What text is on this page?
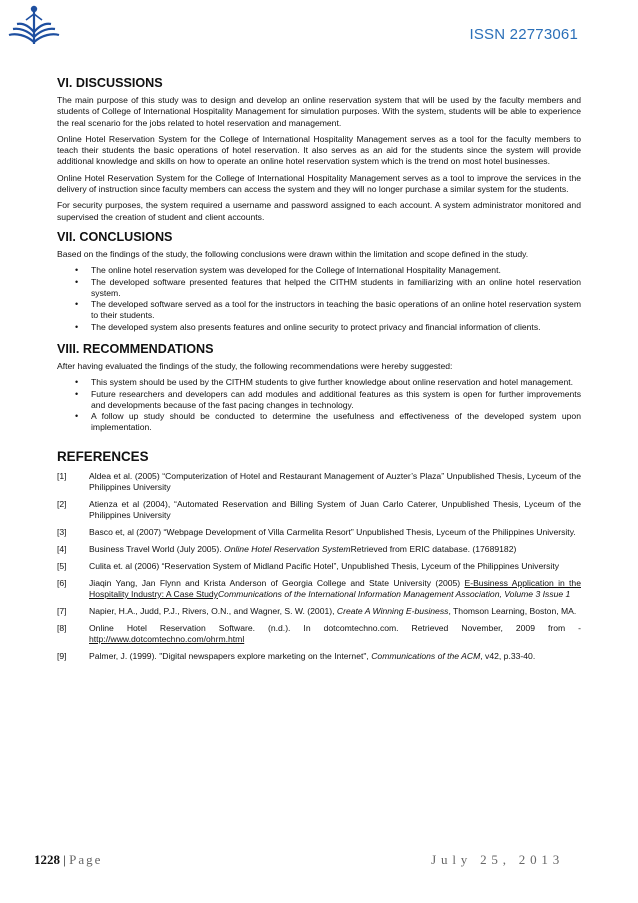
ISSN 22773061
VI. DISCUSSIONS

The main purpose of this study was to design and develop an online reservation system that will be used by the faculty members and students of College of International Hospitality Management for simulation purposes. With the system, students will be able to experience the real scenario for the jobs related to hotel reservation and management.

Online Hotel Reservation System for the College of International Hospitality Management serves as a tool for the faculty members to teach their students the basic operations of hotel reservation. It also serves as an aid for the students since the system will provide additional knowledge and skills on how to operate an online hotel reservation system which is the trend on most hotel businesses.

Online Hotel Reservation System for the College of International Hospitality Management serves as a tool to improve the services in the delivery of instruction since faculty members can access the system and they will no longer purchase a similar system for the students.

For security purposes, the system required a username and password assigned to each account. A system administrator monitored and supervised the creation of student and client accounts.

VII. CONCLUSIONS

Based on the findings of the study, the following conclusions were drawn within the limitation and scope defined in the study.

• The online hotel reservation system was developed for the College of International Hospitality Management.
• The developed software presented features that helped the CITHM students in familiarizing with an online hotel reservation system.
• The developed software served as a tool for the instructors in teaching the basic operations of an online hotel reservation system to their students.
• The developed system also presents features and online security to protect privacy and financial information of clients.
VIII. RECOMMENDATIONS

After having evaluated the findings of the study, the following recommendations were hereby suggested:

• This system should be used by the CITHM students to give further knowledge about online reservation and hotel management.
• Future researchers and developers can add modules and additional features as this system is open for further improvements and developments because of the fast pacing changes in technology.
• A follow up study should be conducted to determine the usefulness and effectiveness of the developed system upon implementation.
REFERENCES
[1]	Aldea et al. (2005) “Computerization of Hotel and Restaurant Management of Auzter’s Plaza” Unpublished Thesis, Lyceum of the Philippines University
[2]	Atienza et al (2004), “Automated Reservation and Billing System of Juan Carlo Caterer, Unpublished Thesis, Lyceum of the Philippines University
[3]	Basco et, al (2007) “Webpage Development of Villa Carmelita Resort” Unpublished Thesis, Lyceum of the Philippines University.
[4]	Business Travel World (July 2005). Online Hotel Reservation SystemRetrieved from ERIC database. (17689182)
[5]	Culita et. al (2006) “Reservation System of Midland Pacific Hotel”, Unpublished Thesis, Lyceum of the Philippines University
[6]	Jiaqin Yang, Jan Flynn and Krista Anderson of Georgia College and State University (2005) E-Business Application in the Hospitality Industry: A Case StudyCommunications of the International Information Management Association, Volume 3 Issue 1
[7]	Napier, H.A., Judd, P.J., Rivers, O.N., and Wagner, S. W. (2001), Create A Winning E-business, Thomson Learning, Boston, MA.
[8]	Online Hotel Reservation Software. (n.d.). In dotcomtechno.com. Retrieved November, 2009 from - http://www.dotcomtechno.com/ohrm.html
[9]	Palmer, J. (1999). "Digital newspapers explore marketing on the Internet", Communications of the ACM, v42, p.33-40.
1228 | Page	July 25, 2013
